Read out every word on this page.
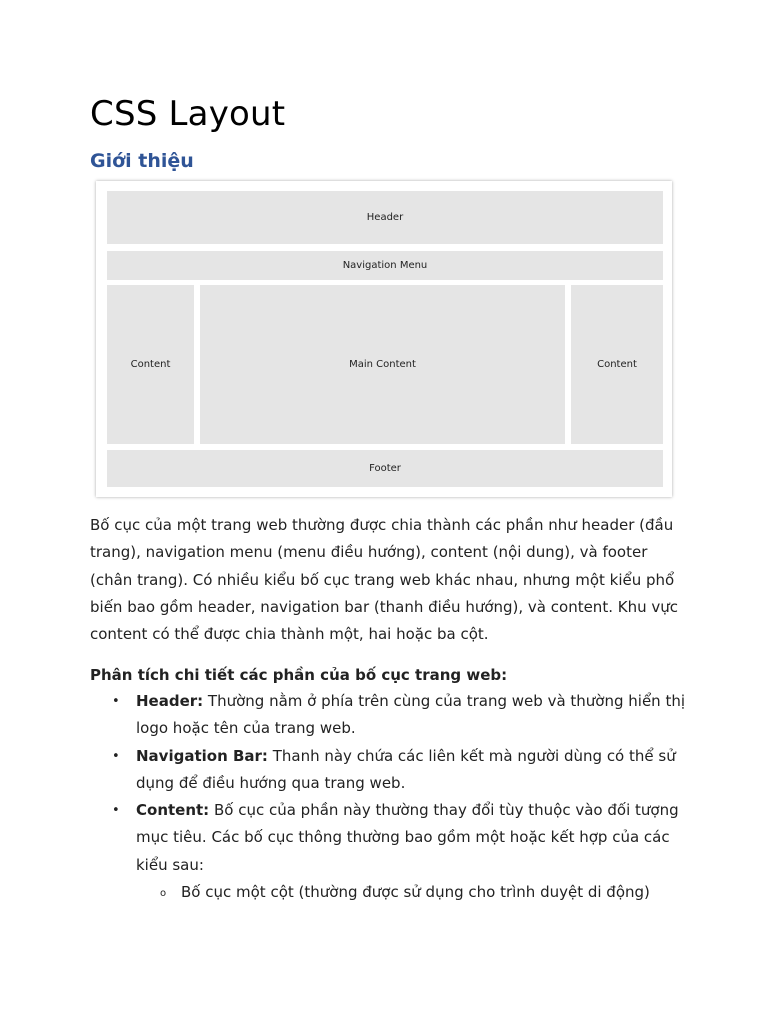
CSS Layout
Giới thiệu
Header
Navigation Menu
Content	Main Content	Content
Footer

Bố cục của một trang web thường được chia thành các phần như header (đầu trang), navigation menu (menu điều hướng), content (nội dung), và footer (chân trang). Có nhiều kiểu bố cục trang web khác nhau, nhưng một kiểu phổ biến bao gồm header, navigation bar (thanh điều hướng), và content. Khu vực content có thể được chia thành một, hai hoặc ba cột.

Phân tích chi tiết các phần của bố cục trang web:
• Header: Thường nằm ở phía trên cùng của trang web và thường hiển thị logo hoặc tên của trang web.
• Navigation Bar: Thanh này chứa các liên kết mà người dùng có thể sử dụng để điều hướng qua trang web.
• Content: Bố cục của phần này thường thay đổi tùy thuộc vào đối tượng mục tiêu. Các bố cục thông thường bao gồm một hoặc kết hợp của các kiểu sau:
o Bố cục một cột (thường được sử dụng cho trình duyệt di động)
